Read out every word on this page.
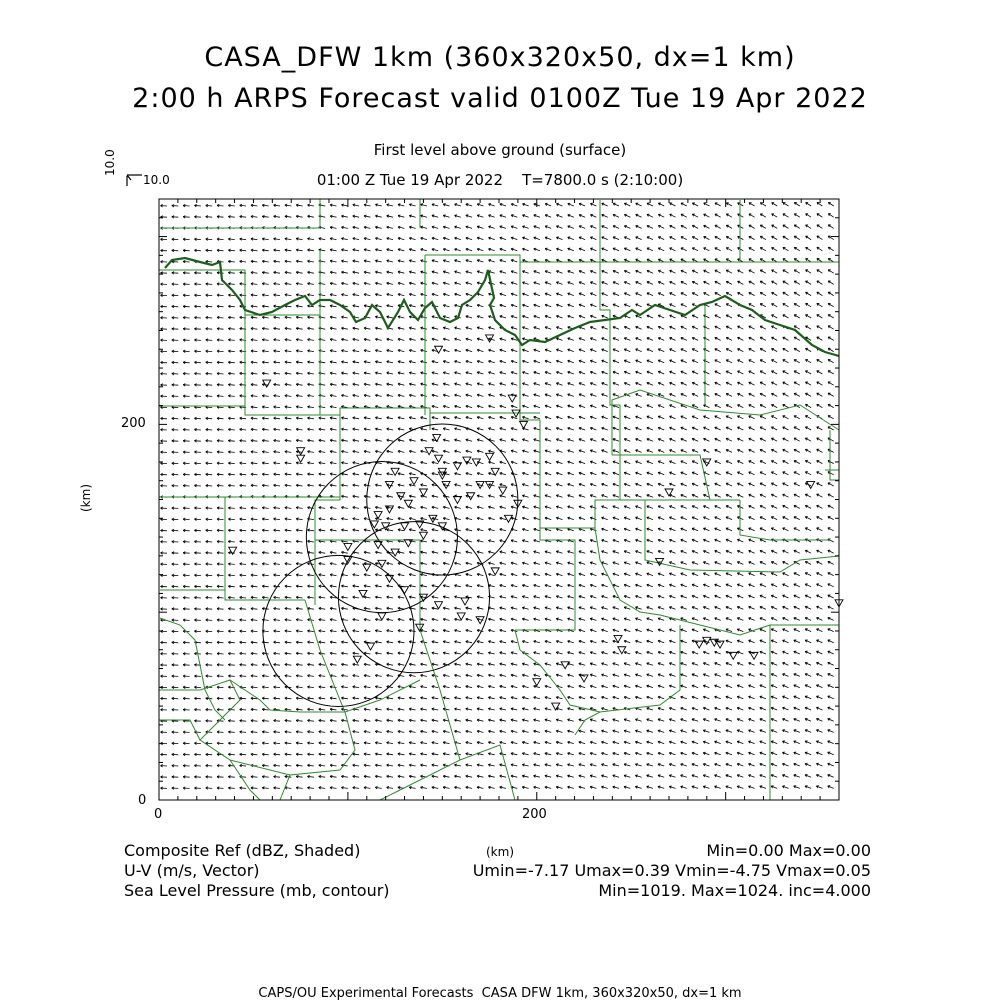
CASA_DFW 1km (360x320x50, dx=1 km)
2:00 h ARPS Forecast valid 0100Z Tue 19 Apr 2022
First level above ground (surface)
01:00 Z Tue 19 Apr 2022    T=7800.0 s (2:10:00)
10.0
10.0
0	200
0
200
(km)
(km)
Composite Ref (dBZ, Shaded)	Min=0.00 Max=0.00
U-V (m/s, Vector)	Umin=-7.17 Umax=0.39 Vmin=-4.75 Vmax=0.05
Sea Level Pressure (mb, contour)	Min=1019. Max=1024. inc=4.000
CAPS/OU Experimental Forecasts  CASA DFW 1km, 360x320x50, dx=1 km
